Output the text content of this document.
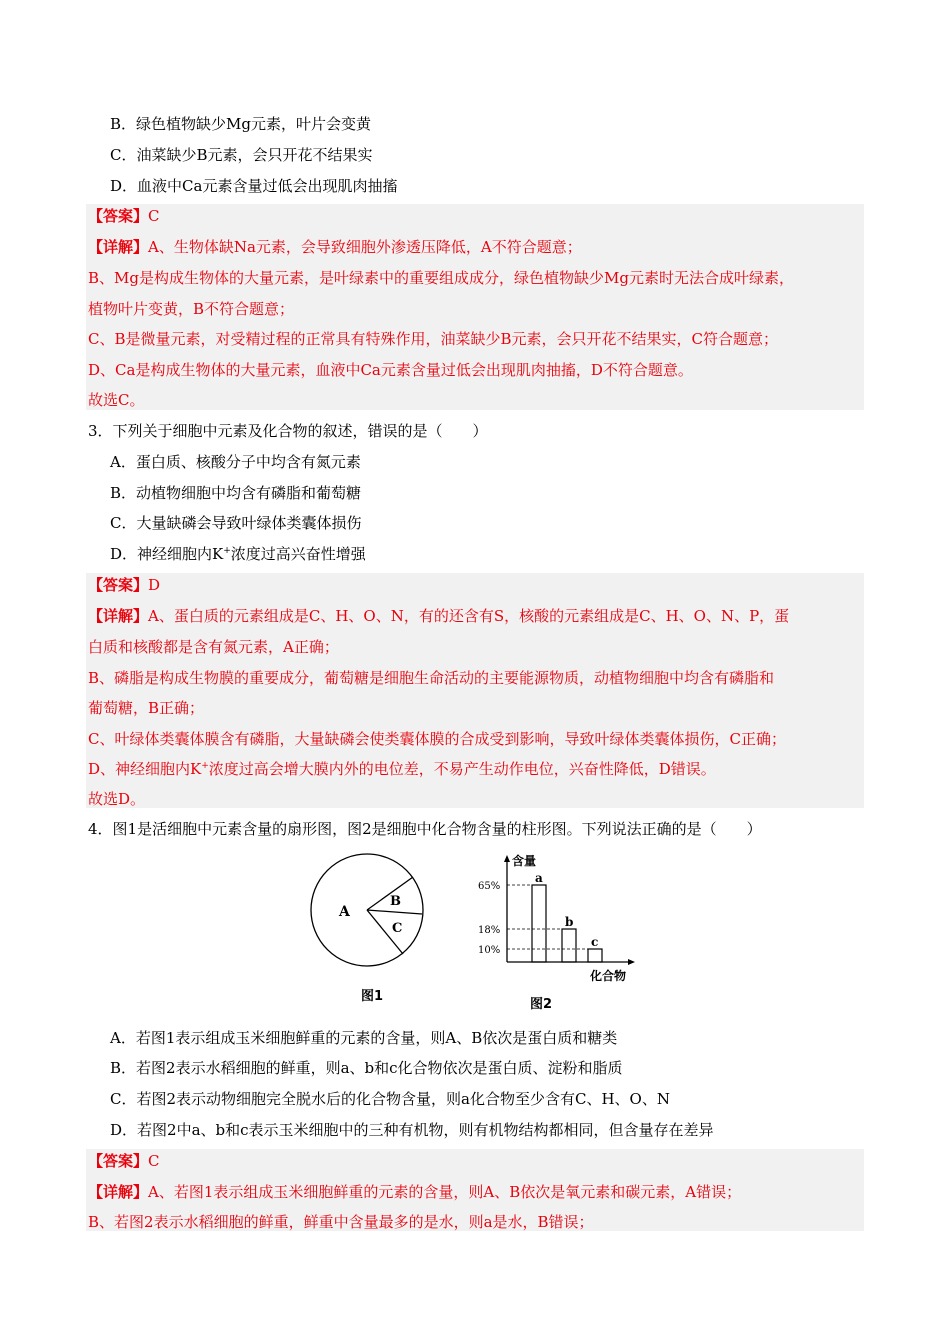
B．绿色植物缺少Mg元素，叶片会变黄
C．油菜缺少B元素，会只开花不结果实
D．血液中Ca元素含量过低会出现肌肉抽搐
【答案】C
【详解】A、生物体缺Na元素，会导致细胞外渗透压降低，A不符合题意；
B、Mg是构成生物体的大量元素，是叶绿素中的重要组成成分，绿色植物缺少Mg元素时无法合成叶绿素，
植物叶片变黄，B不符合题意；
C、B是微量元素，对受精过程的正常具有特殊作用，油菜缺少B元素，会只开花不结果实，C符合题意；
D、Ca是构成生物体的大量元素，血液中Ca元素含量过低会出现肌肉抽搐，D不符合题意。
故选C。
3．下列关于细胞中元素及化合物的叙述，错误的是（　　）
A．蛋白质、核酸分子中均含有氮元素
B．动植物细胞中均含有磷脂和葡萄糖
C．大量缺磷会导致叶绿体类囊体损伤
D．神经细胞内K+浓度过高兴奋性增强
【答案】D
【详解】A、蛋白质的元素组成是C、H、O、N，有的还含有S，核酸的元素组成是C、H、O、N、P，蛋
白质和核酸都是含有氮元素，A正确；
B、磷脂是构成生物膜的重要成分，葡萄糖是细胞生命活动的主要能源物质，动植物细胞中均含有磷脂和
葡萄糖，B正确；
C、叶绿体类囊体膜含有磷脂，大量缺磷会使类囊体膜的合成受到影响，导致叶绿体类囊体损伤，C正确；
D、神经细胞内K+浓度过高会增大膜内外的电位差，不易产生动作电位，兴奋性降低，D错误。
故选D。
4．图1是活细胞中元素含量的扇形图，图2是细胞中化合物含量的柱形图。下列说法正确的是（　　）
A
B
C
图1
含量
化合物
65%
18%
10%
a
b
c
图2
A．若图1表示组成玉米细胞鲜重的元素的含量，则A、B依次是蛋白质和糖类
B．若图2表示水稻细胞的鲜重，则a、b和c化合物依次是蛋白质、淀粉和脂质
C．若图2表示动物细胞完全脱水后的化合物含量，则a化合物至少含有C、H、O、N
D．若图2中a、b和c表示玉米细胞中的三种有机物，则有机物结构都相同，但含量存在差异
【答案】C
【详解】A、若图1表示组成玉米细胞鲜重的元素的含量，则A、B依次是氧元素和碳元素，A错误；
B、若图2表示水稻细胞的鲜重，鲜重中含量最多的是水，则a是水，B错误；
